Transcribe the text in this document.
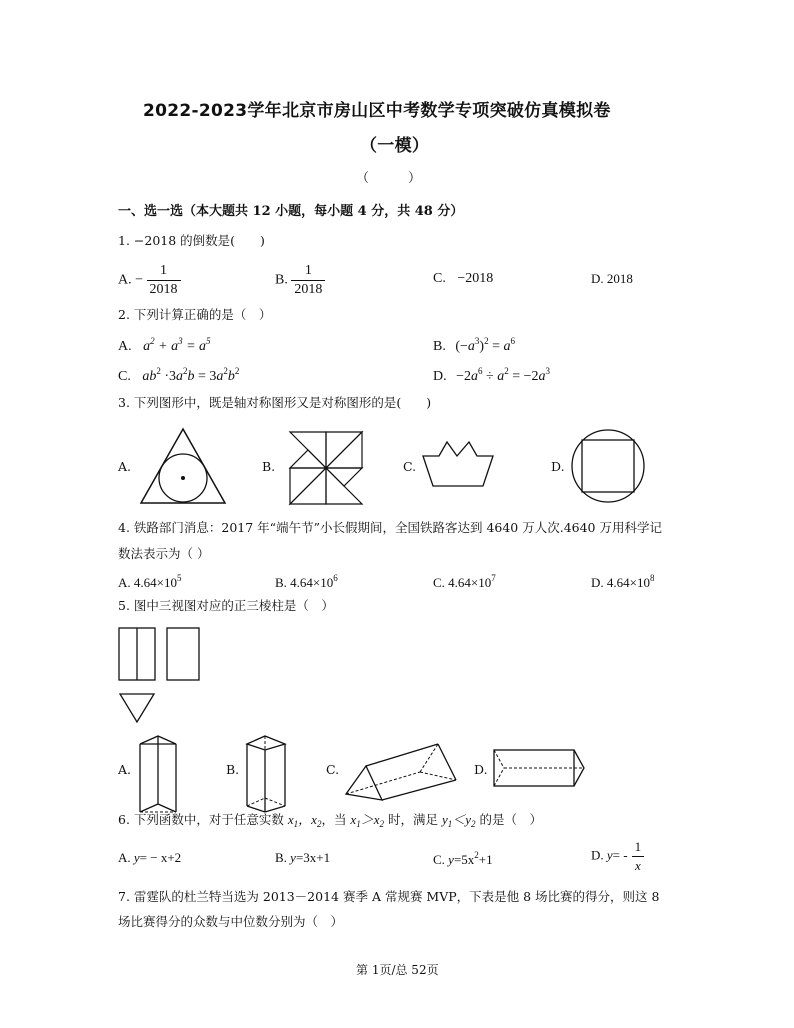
2022-2023学年北京市房山区中考数学专项突破仿真模拟卷
（一模）
（　　　）
一、选一选（本大题共 12 小题，每小题 4 分，共 48 分）
1. −2018 的倒数是(　　)
A. − $\frac{1}{2018}$	B. $\frac{1}{2018}$	C. −2018	D. 2018
2. 下列计算正确的是（　）
A. $a^2 + a^3 = a^5$	B. $(-a^3)^2 = a^6$
C. $ab^2 \cdot 3a^2b = 3a^2b^2$	D. $-2a^6 \div a^2 = -2a^3$
3. 下列图形中，既是轴对称图形又是对称图形的是(　　)
A.	B.	C.	D.
4. 铁路部门消息：2017 年“端午节”小长假期间，全国铁路客达到 4640 万人次.4640 万用科学记
数法表示为（ ）
A. $4.64\times 10^5$	B. $4.64\times 10^6$	C. $4.64\times 10^7$	D. $4.64\times 10^8$
5. 图中三视图对应的正三棱柱是（　）
A.	B.	C.	D.
6. 下列函数中，对于任意实数 $x_1$，$x_2$，当 $x_1>x_2$ 时，满足 $y_1<y_2$ 的是（　）
A. y= − x+2	B. y=3x+1	C. $y=5x^2+1$	D. $y= - \frac{1}{x}$
7. 雷霆队的杜兰特当选为 2013－2014 赛季 A 常规赛 MVP，下表是他 8 场比赛的得分，则这 8
场比赛得分的众数与中位数分别为（　）
第 1页/总 52页
